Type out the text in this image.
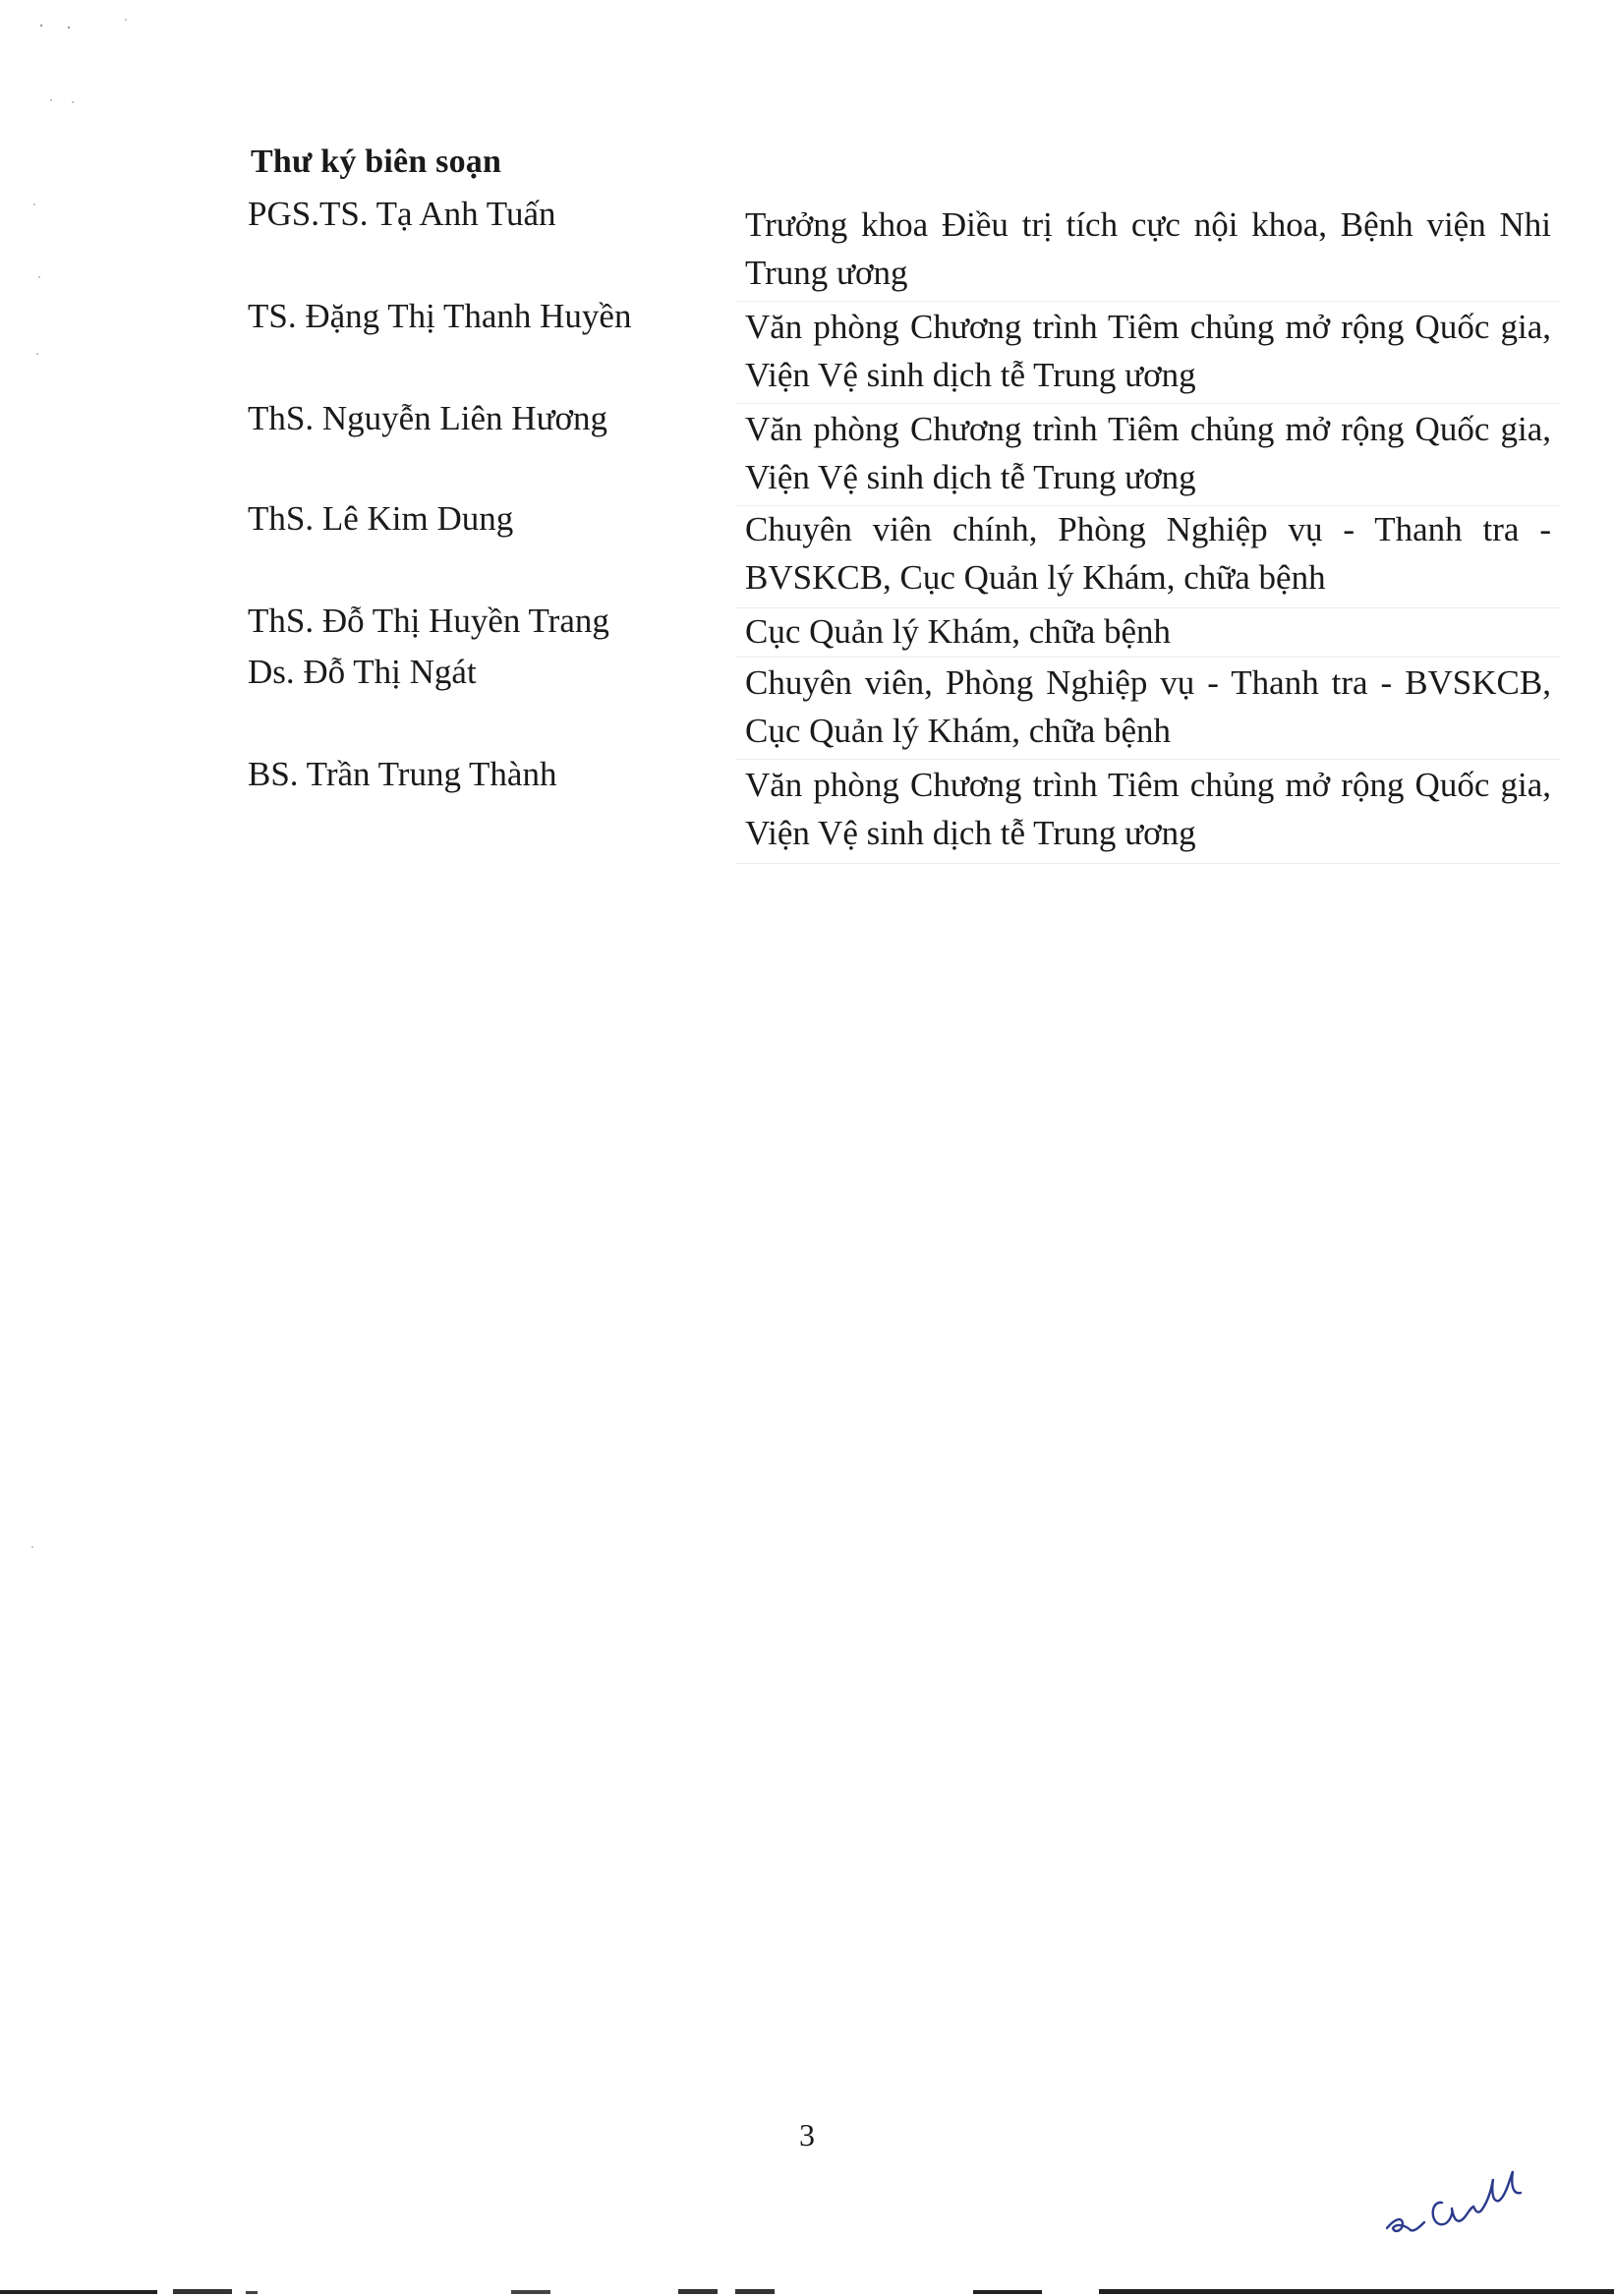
Thư ký biên soạn
PGS.TS. Tạ Anh Tuấn	Trưởng khoa Điều trị tích cực nội khoa, Bệnh viện Nhi Trung ương
TS. Đặng Thị Thanh Huyền	Văn phòng Chương trình Tiêm chủng mở rộng Quốc gia, Viện Vệ sinh dịch tễ Trung ương
ThS. Nguyễn Liên Hương	Văn phòng Chương trình Tiêm chủng mở rộng Quốc gia, Viện Vệ sinh dịch tễ Trung ương
ThS. Lê Kim Dung	Chuyên viên chính, Phòng Nghiệp vụ - Thanh tra - BVSKCB, Cục Quản lý Khám, chữa bệnh
ThS. Đỗ Thị Huyền Trang	Cục Quản lý Khám, chữa bệnh
Ds. Đỗ Thị Ngát	Chuyên viên, Phòng Nghiệp vụ - Thanh tra - BVSKCB, Cục Quản lý Khám, chữa bệnh
BS. Trần Trung Thành	Văn phòng Chương trình Tiêm chủng mở rộng Quốc gia, Viện Vệ sinh dịch tễ Trung ương
3
